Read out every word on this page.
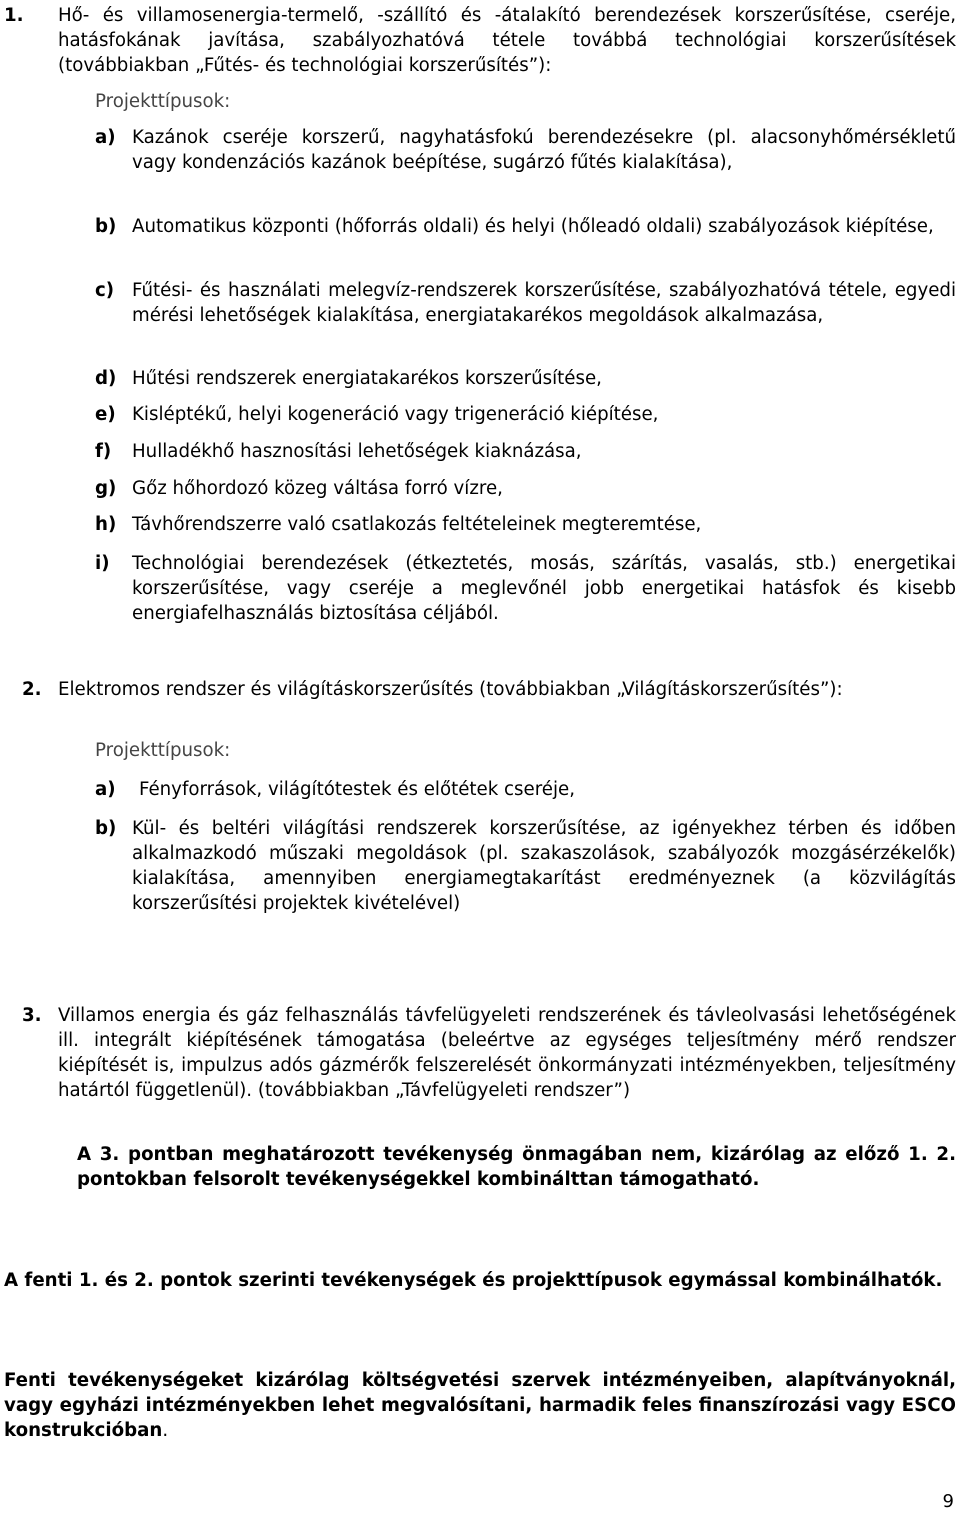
1. Hő- és villamosenergia-termelő, -szállító és -átalakító berendezések korszerűsítése, cseréje, hatásfokának javítása, szabályozhatóvá tétele továbbá technológiai korszerűsítések (továbbiakban „Fűtés- és technológiai korszerűsítés”):
Projekttípusok:
a) Kazánok cseréje korszerű, nagyhatásfokú berendezésekre (pl. alacsonyhőmérsékletű vagy kondenzációs kazánok beépítése, sugárzó fűtés kialakítása),
b) Automatikus központi (hőforrás oldali) és helyi (hőleadó oldali) szabályozások kiépítése,
c) Fűtési- és használati melegvíz-rendszerek korszerűsítése, szabályozhatóvá tétele, egyedi mérési lehetőségek kialakítása, energiatakarékos megoldások alkalmazása,
d) Hűtési rendszerek energiatakarékos korszerűsítése,
e) Kisléptékű, helyi kogeneráció vagy trigeneráció kiépítése,
f)	Hulladékhő hasznosítási lehetőségek kiaknázása,
g) Gőz hőhordozó közeg váltása forró vízre,
h) Távhőrendszerre való csatlakozás feltételeinek megteremtése,
i)	Technológiai berendezések (étkeztetés, mosás, szárítás, vasalás, stb.) energetikai korszerűsítése, vagy cseréje a meglevőnél jobb energetikai hatásfok és kisebb energiafelhasználás biztosítása céljából.
2. Elektromos rendszer és világításkorszerűsítés (továbbiakban „Világításkorszerűsítés”):
Projekttípusok:
a)	Fényforrások, világítótestek és előtétek cseréje,
b) Kül- és beltéri világítási rendszerek korszerűsítése, az igényekhez térben és időben alkalmazkodó műszaki megoldások (pl. szakaszolások, szabályozók mozgásérzékelők) kialakítása, amennyiben energiamegtakarítást eredményeznek (a közvilágítás korszerűsítési projektek kivételével)
3. Villamos energia és gáz felhasználás távfelügyeleti rendszerének és távleolvasási lehetőségének ill. integrált kiépítésének támogatása (beleértve az egységes teljesítmény mérő rendszer kiépítését is, impulzus adós gázmérők felszerelését önkormányzati intézményekben, teljesítmény határtól függetlenül). (továbbiakban „Távfelügyeleti rendszer”)
A 3. pontban meghatározott tevékenység önmagában nem, kizárólag az előző 1. 2. pontokban felsorolt tevékenységekkel kombinálttan támogatható.
A fenti 1. és 2. pontok szerinti tevékenységek és projekttípusok egymással kombinálhatók.
Fenti tevékenységeket kizárólag költségvetési szervek intézményeiben, alapítványoknál, vagy egyházi intézményekben lehet megvalósítani, harmadik feles finanszírozási vagy ESCO konstrukcióban.
9
